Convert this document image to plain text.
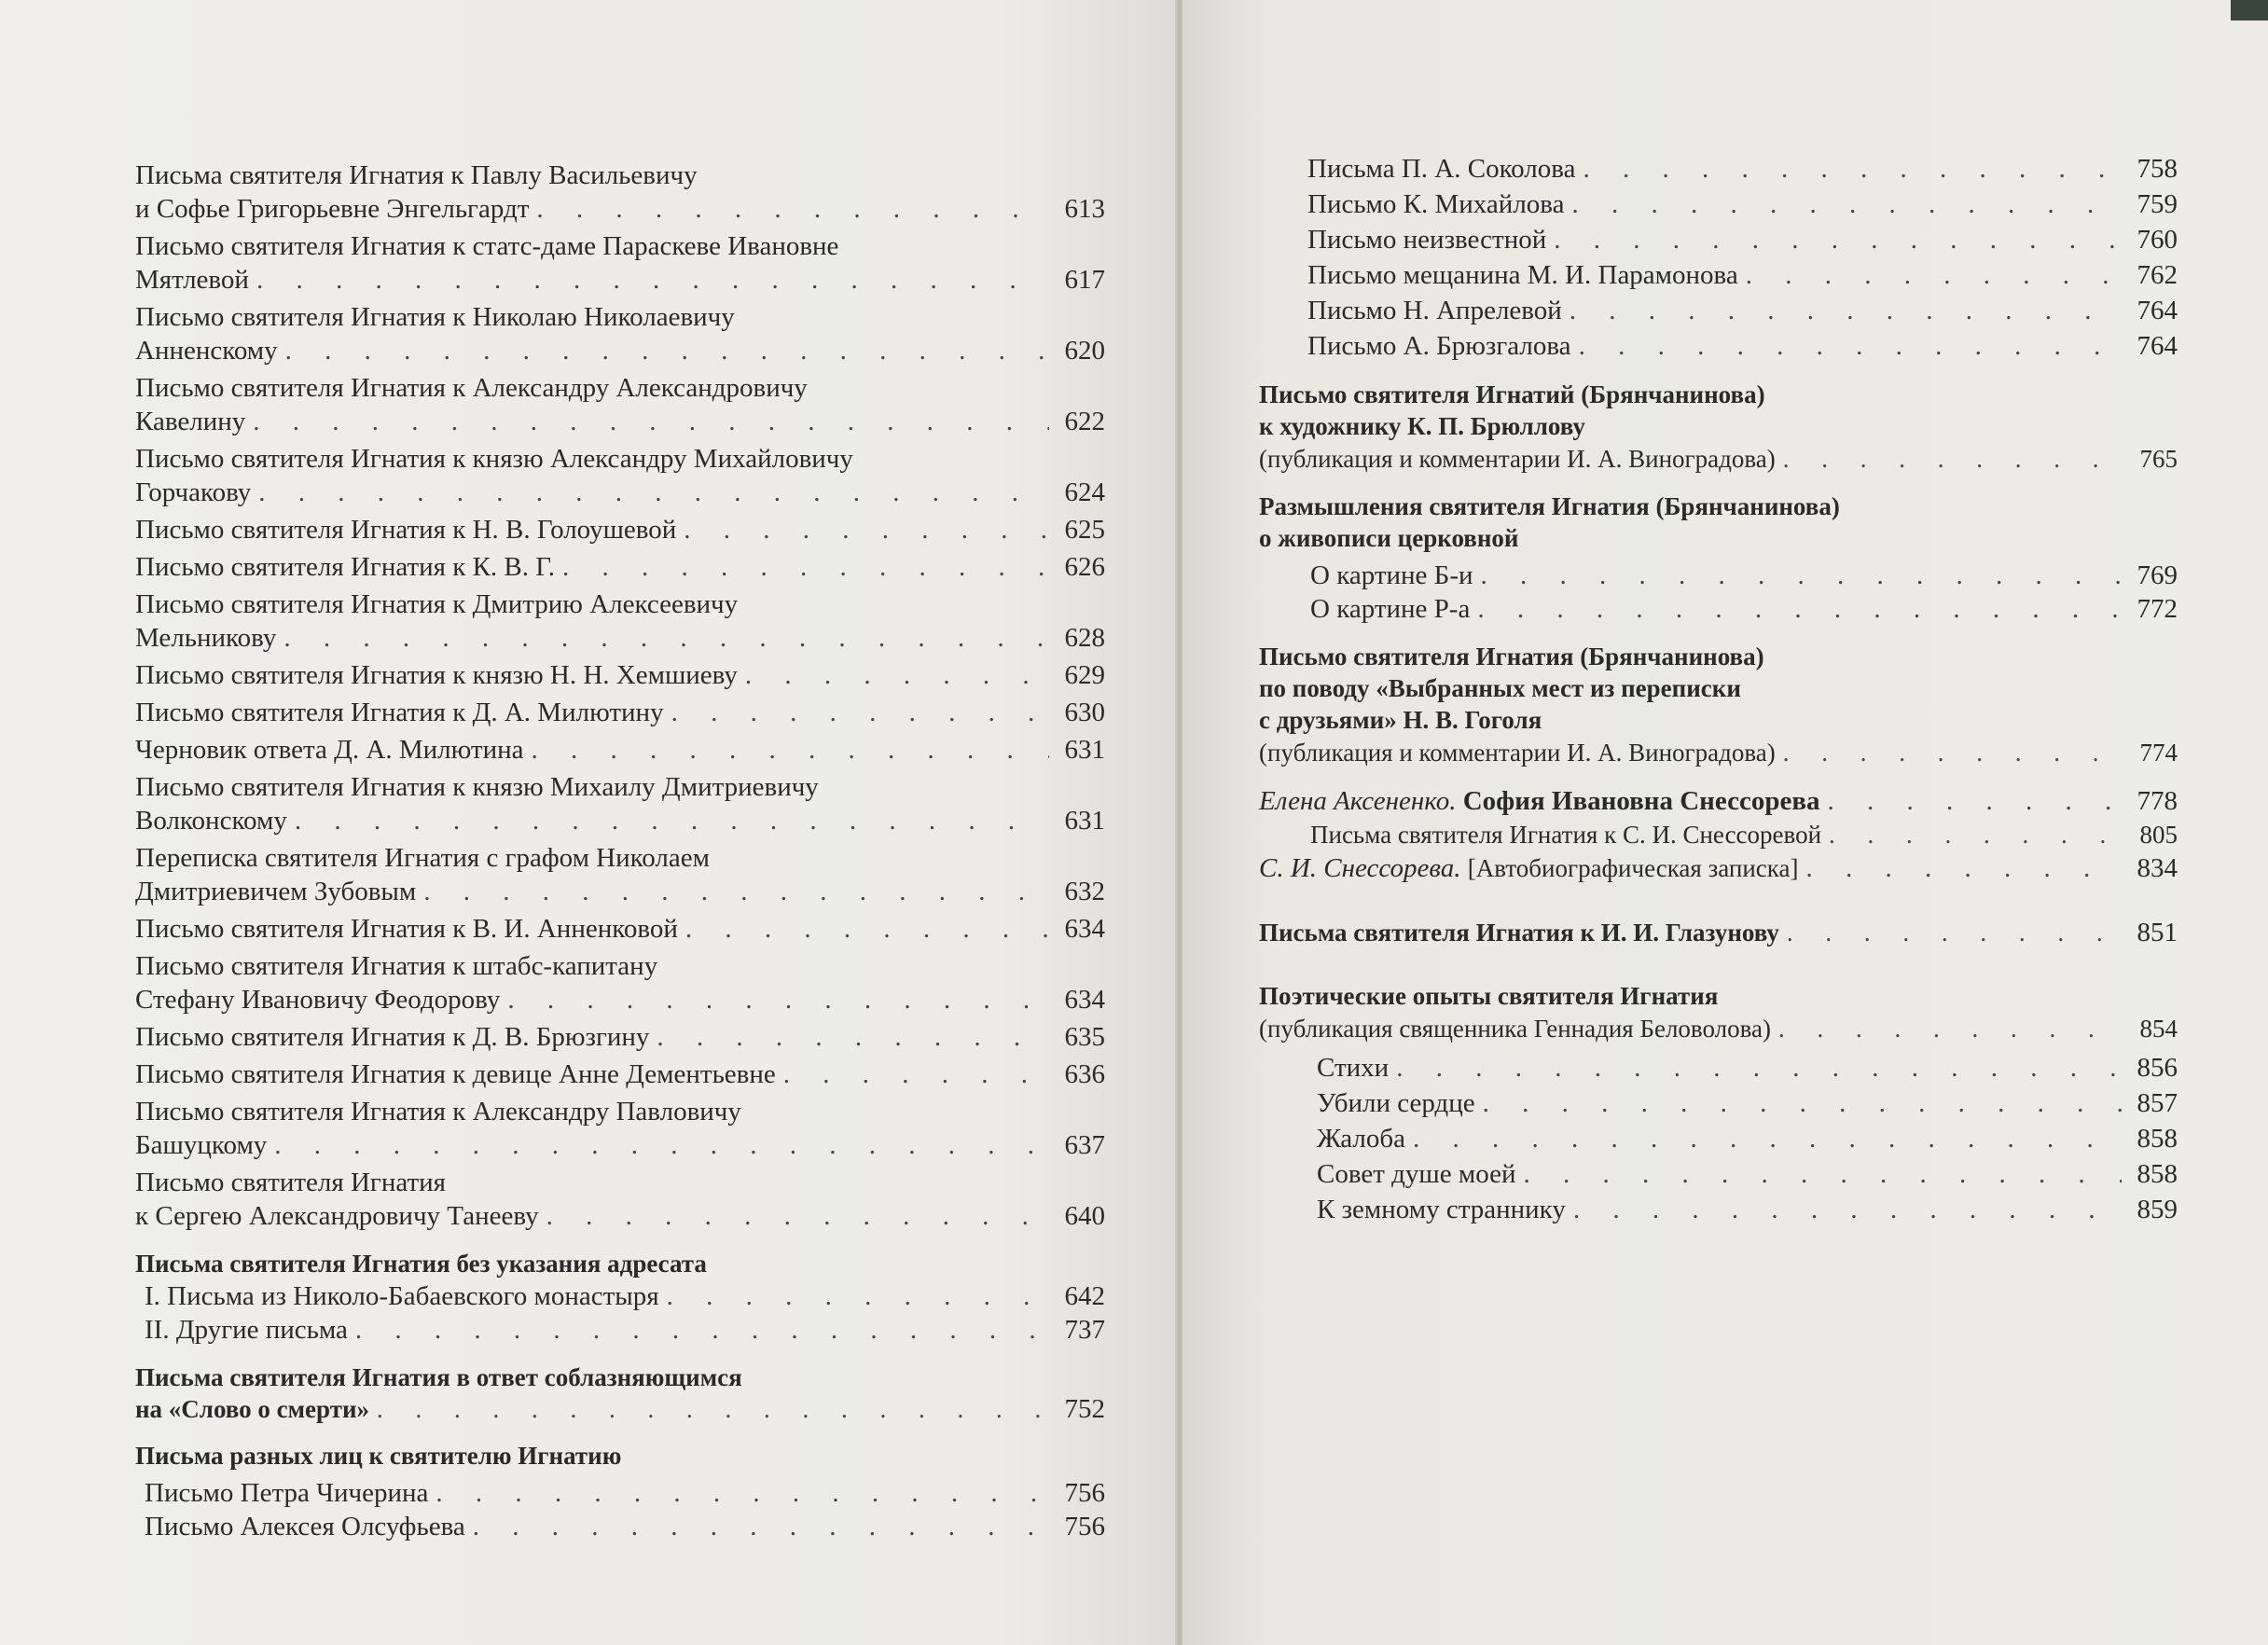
Письма святителя Игнатия к Павлу Васильевичу
и Софье Григорьевне Энгельгардт . . .	613
Письмо святителя Игнатия к статс-даме Параскеве Ивановне
Мятлевой . . .	617
Письмо святителя Игнатия к Николаю Николаевичу
Анненскому . . .	620
Письмо святителя Игнатия к Александру Александровичу
Кавелину . . .	622
Письмо святителя Игнатия к князю Александру Михайловичу
Горчакову . . .	624
Письмо святителя Игнатия к Н. В. Голоушевой . . .	625
Письмо святителя Игнатия к К. В. Г. . . .	626
Письмо святителя Игнатия к Дмитрию Алексеевичу
Мельникову . . .	628
Письмо святителя Игнатия к князю Н. Н. Хемшиеву . . .	629
Письмо святителя Игнатия к Д. А. Милютину . . .	630
Черновик ответа Д. А. Милютина . . .	631
Письмо святителя Игнатия к князю Михаилу Дмитриевичу
Волконскому . . .	631
Переписка святителя Игнатия с графом Николаем
Дмитриевичем Зубовым . . .	632
Письмо святителя Игнатия к В. И. Анненковой . . .	634
Письмо святителя Игнатия к штабс-капитану
Стефану Ивановичу Феодорову . . .	634
Письмо святителя Игнатия к Д. В. Брюзгину . . .	635
Письмо святителя Игнатия к девице Анне Дементьевне . . .	636
Письмо святителя Игнатия к Александру Павловичу
Башуцкому . . .	637
Письмо святителя Игнатия
к Сергею Александровичу Танееву . . .	640
Письма святителя Игнатия без указания адресата
I. Письма из Николо-Бабаевского монастыря . . .	642
II. Другие письма . . .	737
Письма святителя Игнатия в ответ соблазняющимся
на «Слово о смерти» . . .	752
Письма разных лиц к святителю Игнатию
Письмо Петра Чичерина . . .	756
Письмо Алексея Олсуфьева . . .	756
Письма П. А. Соколова . . .	758
Письмо К. Михайлова . . .	759
Письмо неизвестной . . .	760
Письмо мещанина М. И. Парамонова . . .	762
Письмо Н. Апрелевой . . .	764
Письмо А. Брюзгалова . . .	764
Письмо святителя Игнатий (Брянчанинова)
к художнику К. П. Брюллову
(публикация и комментарии И. А. Виноградова) . . .	765
Размышления святителя Игнатия (Брянчанинова)
о живописи церковной
О картине Б-и . . .	769
О картине Р-а . . .	772
Письмо святителя Игнатия (Брянчанинова)
по поводу «Выбранных мест из переписки
с друзьями» Н. В. Гоголя
(публикация и комментарии И. А. Виноградова) . . .	774
Елена Аксененко. София Ивановна Снессорева . . .	778
Письма святителя Игнатия к С. И. Снессоревой . . .	805
С. И. Снессорева. [Автобиографическая записка] . . .	834
Письма святителя Игнатия к И. И. Глазунову . . .	851
Поэтические опыты святителя Игнатия
(публикация священника Геннадия Беловолова) . . .	854
Стихи . . .	856
Убили сердце . . .	857
Жалоба . . .	858
Совет душе моей . . .	858
К земному страннику . . .	859
